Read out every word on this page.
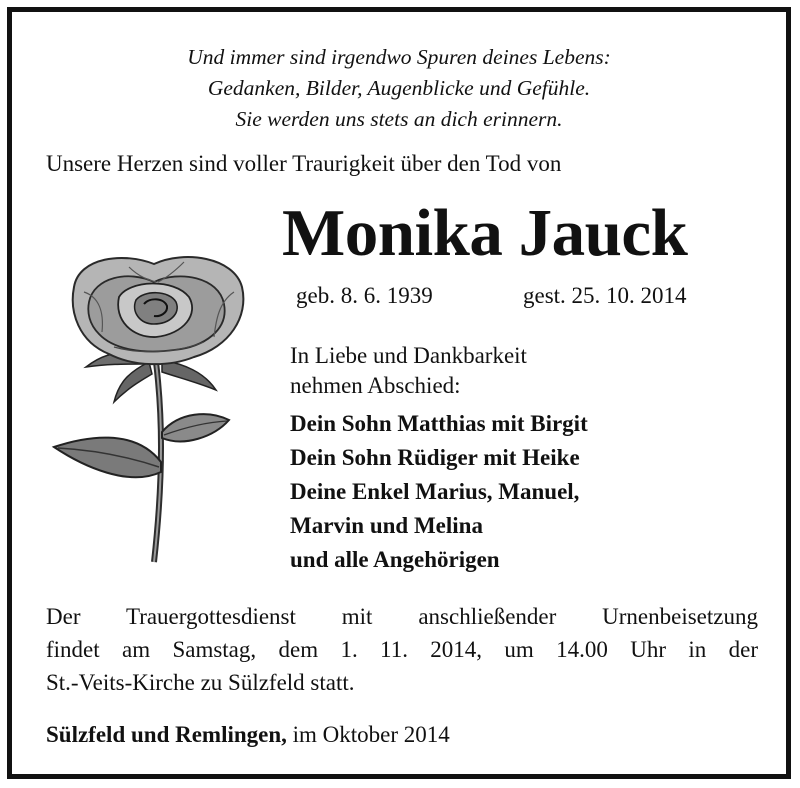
Und immer sind irgendwo Spuren deines Lebens:
Gedanken, Bilder, Augenblicke und Gefühle.
Sie werden uns stets an dich erinnern.
Unsere Herzen sind voller Traurigkeit über den Tod von
Monika Jauck
geb. 8. 6. 1939	gest. 25. 10. 2014
In Liebe und Dankbarkeit
nehmen Abschied:
Dein Sohn Matthias mit Birgit
Dein Sohn Rüdiger mit Heike
Deine Enkel Marius, Manuel,
Marvin und Melina
und alle Angehörigen
Der Trauergottesdienst mit anschließender Urnenbeisetzung
findet am Samstag, dem 1. 11. 2014, um 14.00 Uhr in der
St.-Veits-Kirche zu Sülzfeld statt.
Sülzfeld und Remlingen, im Oktober 2014
